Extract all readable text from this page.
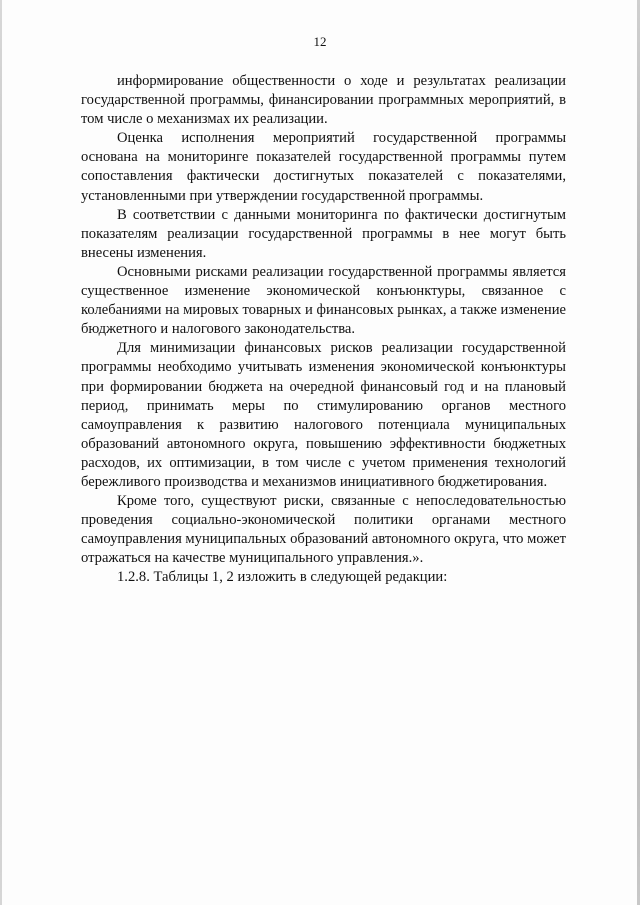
12

информирование общественности о ходе и результатах реализации государственной программы, финансировании программных мероприятий, в том числе о механизмах их реализации.

Оценка исполнения мероприятий государственной программы основана на мониторинге показателей государственной программы путем сопоставления фактически достигнутых показателей с показателями, установленными при утверждении государственной программы.

В соответствии с данными мониторинга по фактически достигнутым показателям реализации государственной программы в нее могут быть внесены изменения.

Основными рисками реализации государственной программы является существенное изменение экономической конъюнктуры, связанное с колебаниями на мировых товарных и финансовых рынках, а также изменение бюджетного и налогового законодательства.

Для минимизации финансовых рисков реализации государственной программы необходимо учитывать изменения экономической конъюнктуры при формировании бюджета на очередной финансовый год и на плановый период, принимать меры по стимулированию органов местного самоуправления к развитию налогового потенциала муниципальных образований автономного округа, повышению эффективности бюджетных расходов, их оптимизации, в том числе с учетом применения технологий бережливого производства и механизмов инициативного бюджетирования.

Кроме того, существуют риски, связанные с непоследовательностью проведения социально-экономической политики органами местного самоуправления муниципальных образований автономного округа, что может отражаться на качестве муниципального управления.».

1.2.8. Таблицы 1, 2 изложить в следующей редакции:
